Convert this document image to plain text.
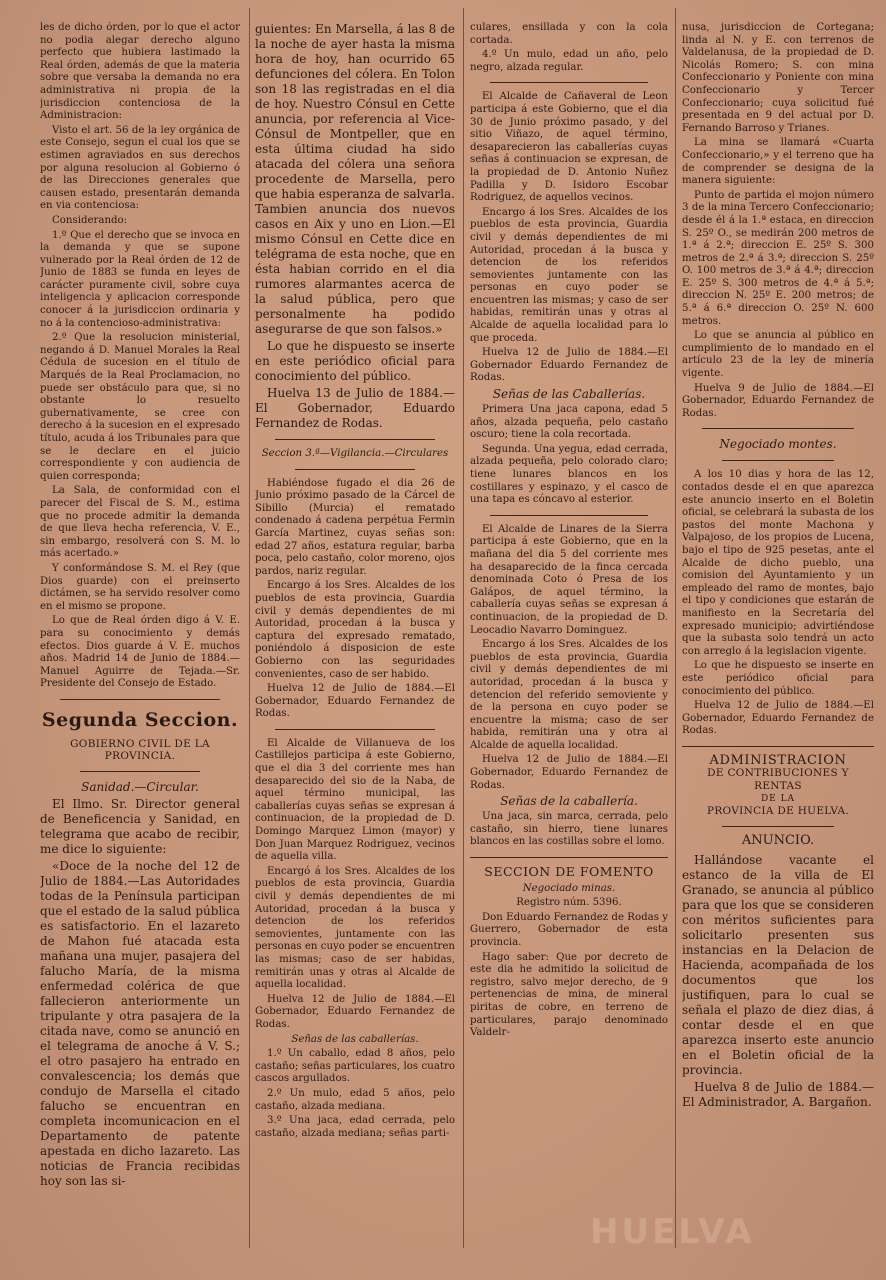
les de dicho órden, por lo que el actor no podia alegar derecho alguno perfecto que hubiera lastimado la Real órden, además de que la materia sobre que versaba la demanda no era administrativa ni propia de la jurisdiccion contenciosa de la Administracion:

Visto el art. 56 de la ley orgánica de este Consejo, segun el cual los que se estimen agraviados en sus derechos por alguna resolucion al Gobierno ó de las Direcciones generales que causen estado, presentarán demanda en via contenciosa:

Considerando:

1.º Que el derecho que se invoca en la demanda y que se supone vulnerado por la Real órden de 12 de Junio de 1883 se funda en leyes de carácter puramente civil, sobre cuya inteligencia y aplicacion corresponde conocer á la jurisdiccion ordinaria y no á la contencioso-administrativa:

2.º Que la resolucion ministerial, negando á D. Manuel Morales la Real Cédula de sucesion en el título de Marqués de la Real Proclamacion, no puede ser obstáculo para que, si no obstante lo resuelto gubernativamente, se cree con derecho á la sucesion en el expresado título, acuda á los Tribunales para que se le declare en el juicio correspondiente y con audiencia de quien corresponda;

La Sala, de conformidad con el parecer del Fiscal de S. M., estima que no procede admitir la demanda de que lleva hecha referencia, V. E., sin embargo, resolverá con S. M. lo más acertado.»

Y conformándose S. M. el Rey (que Dios guarde) con el preinserto dictámen, se ha servido resolver como en el mismo se propone.

Lo que de Real órden digo á V. E. para su conocimiento y demás efectos. Dios guarde á V. E. muchos años. Madrid 14 de Junio de 1884.—Manuel Aguirre de Tejada.—Sr. Presidente del Consejo de Estado.

Segunda Seccion.
GOBIERNO CIVIL DE LA PROVINCIA.

Sanidad.—Circular.

El Ilmo. Sr. Director general de Beneficencia y Sanidad, en telegrama que acabo de recibir, me dice lo siguiente:

«Doce de la noche del 12 de Julio de 1884.—Las Autoridades todas de la Península participan que el estado de la salud pública es satisfactorio. En el lazareto de Mahon fué atacada esta mañana una mujer, pasajera del falucho María, de la misma enfermedad colérica de que fallecieron anteriormente un tripulante y otra pasajera de la citada nave, como se anunció en el telegrama de anoche á V. S.; el otro pasajero ha entrado en convalescencia; los demás que condujo de Marsella el citado falucho se encuentran en completa incomunicacion en el Departamento de patente apestada en dicho lazareto. Las noticias de Francia recibidas hoy son las si-

guientes: En Marsella, á las 8 de la noche de ayer hasta la misma hora de hoy, han ocurrido 65 defunciones del cólera. En Tolon son 18 las registradas en el dia de hoy. Nuestro Cónsul en Cette anuncia, por referencia al Vice-Cónsul de Montpeller, que en esta última ciudad ha sido atacada del cólera una señora procedente de Marsella, pero que habia esperanza de salvarla. Tambien anuncia dos nuevos casos en Aix y uno en Lion.—El mismo Cónsul en Cette dice en telégrama de esta noche, que en ésta habian corrido en el dia rumores alarmantes acerca de la salud pública, pero que personalmente ha podido asegurarse de que son falsos.»

Lo que he dispuesto se inserte en este periódico oficial para conocimiento del público.

Huelva 13 de Julio de 1884.—El Gobernador, Eduardo Fernandez de Rodas.

Seccion 3.ª—Vigilancia.—Circulares

Habiéndose fugado el dia 26 de Junio próximo pasado de la Cárcel de Sibillo (Murcia) el rematado condenado á cadena perpétua Fermin García Martinez, cuyas señas son: edad 27 años, estatura regular, barba poca, pelo castaño, color moreno, ojos pardos, nariz regular.

Encargo á los Sres. Alcaldes de los pueblos de esta provincia, Guardia civil y demás dependientes de mi Autoridad, procedan á la busca y captura del expresado rematado, poniéndolo á disposicion de este Gobierno con las seguridades convenientes, caso de ser habido.

Huelva 12 de Julio de 1884.—El Gobernador, Eduardo Fernandez de Rodas.

El Alcalde de Villanueva de los Castillejos participa á este Gobierno, que el dia 3 del corriente mes han desaparecido del sio de la Naba, de aquel término municipal, las caballerías cuyas señas se expresan á continuacion, de la propiedad de D. Domingo Marquez Limon (mayor) y Don Juan Marquez Rodriguez, vecinos de aquella villa.

Encargó á los Sres. Alcaldes de los pueblos de esta provincia, Guardia civil y demás dependientes de mi Autoridad, procedan á la busca y detencion de los referidos semovientes, juntamente con las personas en cuyo poder se encuentren las mismas; caso de ser habidas, remitirán unas y otras al Alcalde de aquella localidad.

Huelva 12 de Julio de 1884.—El Gobernador, Eduardo Fernandez de Rodas.

Señas de las caballerías.

1.º Un caballo, edad 8 años, pelo castaño; señas particulares, los cuatro cascos argullados.

2.º Un mulo, edad 5 años, pelo castaño, alzada mediana.

3.º Una jaca, edad cerrada, pelo castaño, alzada mediana; señas parti-

culares, ensillada y con la cola cortada.

4.º Un mulo, edad un año, pelo negro, alzada regular.

El Alcalde de Cañaveral de Leon participa á este Gobierno, que el dia 30 de Junio próximo pasado, y del sitio Viñazo, de aquel término, desaparecieron las caballerías cuyas señas á continuacion se expresan, de la propiedad de D. Antonio Nuñez Padilla y D. Isidoro Escobar Rodriguez, de aquellos vecinos.

Encargo á los Sres. Alcaldes de los pueblos de esta provincia, Guardia civil y demás dependientes de mi Autoridad, procedan á la busca y detencion de los referidos semovientes juntamente con las personas en cuyo poder se encuentren las mismas; y caso de ser habidas, remitirán unas y otras al Alcalde de aquella localidad para lo que proceda.

Huelva 12 de Julio de 1884.—El Gobernador Eduardo Fernandez de Rodas.

Señas de las Caballerías.

Primera Una jaca capona, edad 5 años, alzada pequeña, pelo castaño oscuro; tiene la cola recortada.

Segunda. Una yegua, edad cerrada, alzada pequeña, pelo colorado claro; tiene lunares blancos en los costillares y espinazo, y el casco de una tapa es cóncavo al esterior.

El Alcalde de Linares de la Sierra participa á este Gobierno, que en la mañana del dia 5 del corriente mes ha desaparecido de la finca cercada denominada Coto ó Presa de los Galápos, de aquel término, la caballería cuyas señas se expresan á continuacion, de la propiedad de D. Leocadio Navarro Dominguez.

Encargo á los Sres. Alcaldes de los pueblos de esta provincia, Guardia civil y demás dependientes de mi autoridad, procedan á la busca y detencion del referido semoviente y de la persona en cuyo poder se encuentre la misma; caso de ser habida, remitirán una y otra al Alcalde de aquella localidad.

Huelva 12 de Julio de 1884.—El Gobernador, Eduardo Fernandez de Rodas.

Señas de la caballería.

Una jaca, sin marca, cerrada, pelo castaño, sin hierro, tiene lunares blancos en las costillas sobre el lomo.

SECCION DE FOMENTO

Negociado minas.

Registro núm. 5396.

Don Eduardo Fernandez de Rodas y Guerrero, Gobernador de esta provincia.

Hago saber: Que por decreto de este dia he admitido la solicitud de registro, salvo mejor derecho, de 9 pertenencias de mina, de mineral piritas de cobre, en terreno de particulares, parajo denominado Valdelr-

nusa, jurisdiccion de Cortegana; linda al N. y E. con terrenos de Valdelanusa, de la propiedad de D. Nicolás Romero; S. con mina Confeccionario y Poniente con mina Confeccionario y Tercer Confeccionario; cuya solicitud fué presentada en 9 del actual por D. Fernando Barroso y Trianes.

La mina se llamará «Cuarta Confeccionario,» y el terreno que ha de comprender se designa de la manera siguiente:

Punto de partida el mojon número 3 de la mina Tercero Confeccionario; desde él á la 1.ª estaca, en direccion S. 25º O., se medirán 200 metros de 1.ª á 2.ª; direccion E. 25º S. 300 metros de 2.ª á 3.ª; direccion S. 25º O. 100 metros de 3.ª á 4.ª; direccion E. 25º S. 300 metros de 4.ª á 5.ª; direccion N. 25º E. 200 metros; de 5.ª á 6.ª direccion O. 25º N. 600 metros.

Lo que se anuncia al público en cumplimiento de lo mandado en el artículo 23 de la ley de minería vigente.

Huelva 9 de Julio de 1884.—El Gobernador, Eduardo Fernandez de Rodas.

Negociado montes.

A los 10 dias y hora de las 12, contados desde el en que aparezca este anuncio inserto en el Boletin oficial, se celebrará la subasta de los pastos del monte Machona y Valpajoso, de los propios de Lucena, bajo el tipo de 925 pesetas, ante el Alcalde de dicho pueblo, una comision del Ayuntamiento y un empleado del ramo de montes, bajo el tipo y condiciones que estarán de manifiesto en la Secretaría del expresado municipio; advirtiéndose que la subasta solo tendrá un acto con arreglo á la legislacion vigente.

Lo que he dispuesto se inserte en este periódico oficial para conocimiento del público.

Huelva 12 de Julio de 1884.—El Gobernador, Eduardo Fernandez de Rodas.

ADMINISTRACION
DE CONTRIBUCIONES Y RENTAS
DE LA
PROVINCIA DE HUELVA.
ANUNCIO.

Hallándose vacante el estanco de la villa de El Granado, se anuncia al público para que los que se consideren con méritos suficientes para solicitarlo presenten sus instancias en la Delacion de Hacienda, acompañada de los documentos que los justifiquen, para lo cual se señala el plazo de diez dias, á contar desde el en que aparezca inserto este anuncio en el Boletin oficial de la provincia.

Huelva 8 de Julio de 1884.—El Administrador, A. Bargañon.

HUELVA
